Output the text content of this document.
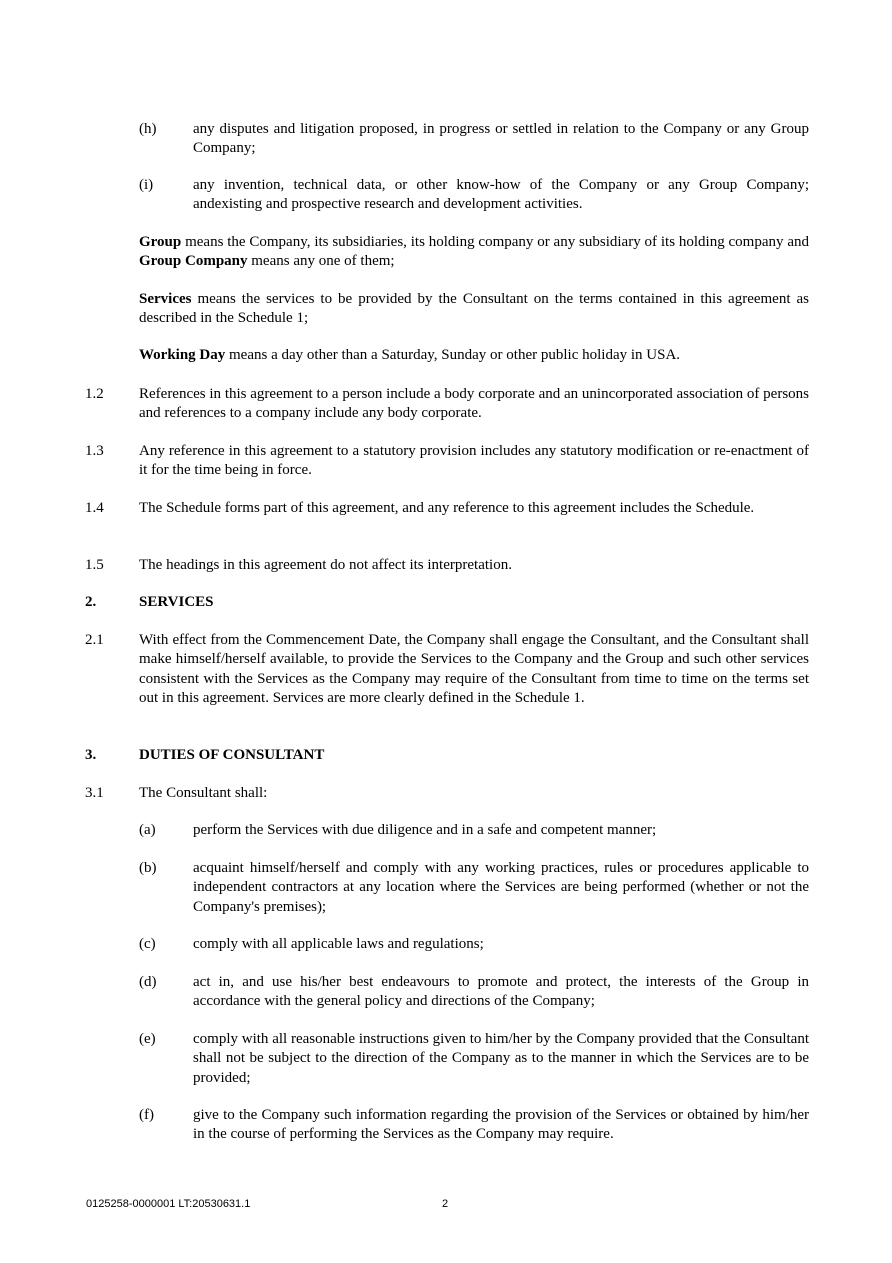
(h) any disputes and litigation proposed, in progress or settled in relation to the Company or any Group Company;
(i)	any invention, technical data, or other know-how of the Company or any Group Company; andexisting and prospective research and development activities.
Group means the Company, its subsidiaries, its holding company or any subsidiary of its holding company and Group Company means any one of them;
Services means the services to be provided by the Consultant on the terms contained in this agreement as described in the Schedule 1;
Working Day means a day other than a Saturday, Sunday or other public holiday in USA.
1.2 References in this agreement to a person include a body corporate and an unincorporated association of persons and references to a company include any body corporate.
1.3 Any reference in this agreement to a statutory provision includes any statutory modification or re-enactment of it for the time being in force.
1.4 The Schedule forms part of this agreement, and any reference to this agreement includes the Schedule.
1.5 The headings in this agreement do not affect its interpretation.
2.	SERVICES
2.1 With effect from the Commencement Date, the Company shall engage the Consultant, and the Consultant shall make himself/herself available, to provide the Services to the Company and the Group and such other services consistent with the Services as the Company may require of the Consultant from time to time on the terms set out in this agreement. Services are more clearly defined in the Schedule 1.
3.	DUTIES OF CONSULTANT
3.1 The Consultant shall:
(a) perform the Services with due diligence and in a safe and competent manner;
(b) acquaint himself/herself and comply with any working practices, rules or procedures applicable to independent contractors at any location where the Services are being performed (whether or not the Company's premises);
(c) comply with all applicable laws and regulations;
(d) act in, and use his/her best endeavours to promote and protect, the interests of the Group in accordance with the general policy and directions of the Company;
(e) comply with all reasonable instructions given to him/her by the Company provided that the Consultant shall not be subject to the direction of the Company as to the manner in which the Services are to be provided;
(f)	give to the Company such information regarding the provision of the Services or obtained by him/her in the course of performing the Services as the Company may require.
0125258-0000001 LT:20530631.1	2
